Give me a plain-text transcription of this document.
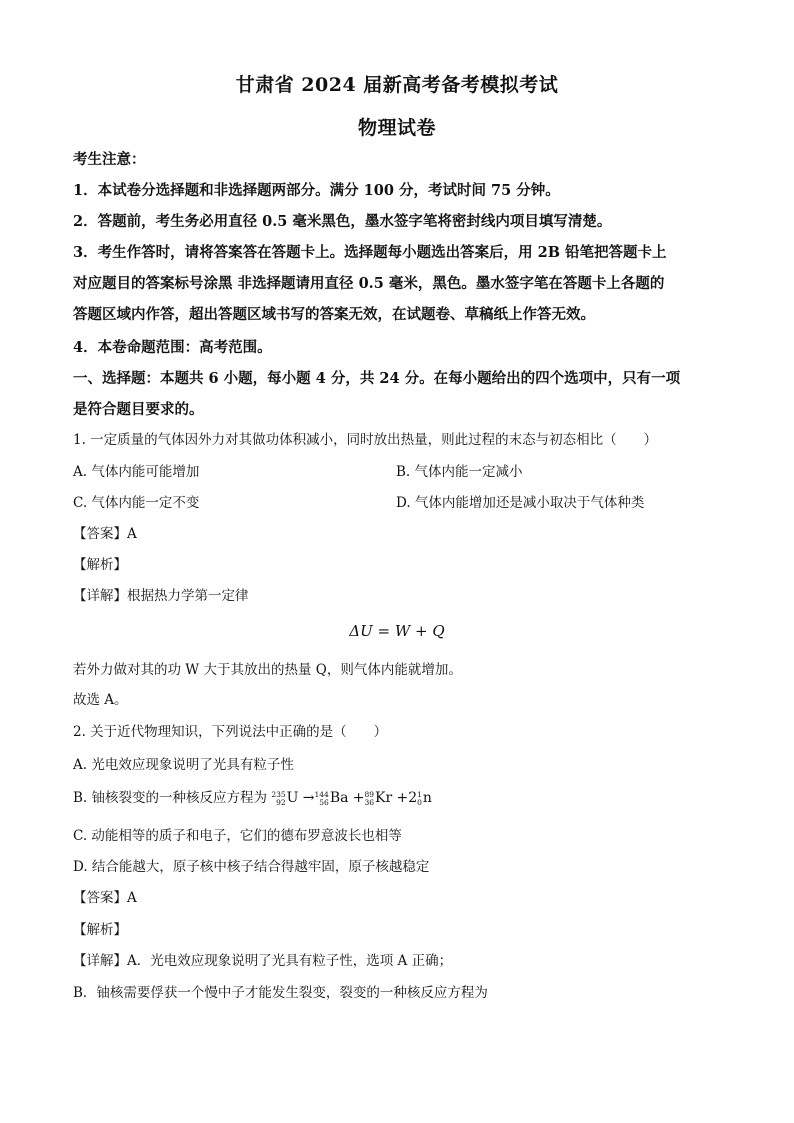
甘肃省 2024 届新高考备考模拟考试
物理试卷
考生注意：
1．本试卷分选择题和非选择题两部分。满分 100 分，考试时间 75 分钟。
2．答题前，考生务必用直径 0.5 毫米黑色，墨水签字笔将密封线内项目填写清楚。
3．考生作答时，请将答案答在答题卡上。选择题每小题选出答案后，用 2B 铅笔把答题卡上
对应题目的答案标号涂黑 非选择题请用直径 0.5 毫米，黑色。墨水签字笔在答题卡上各题的
答题区域内作答，超出答题区域书写的答案无效，在试题卷、草稿纸上作答无效。
4．本卷命题范围：高考范围。
一、选择题：本题共 6 小题，每小题 4 分，共 24 分。在每小题给出的四个选项中，只有一项
是符合题目要求的。
1. 一定质量的气体因外力对其做功体积减小，同时放出热量，则此过程的末态与初态相比（　　）
A. 气体内能可能增加	B. 气体内能一定减小
C. 气体内能一定不变	D. 气体内能增加还是减小取决于气体种类
【答案】A
【解析】
【详解】根据热力学第一定律
ΔU = W + Q
若外力做对其的功 W 大于其放出的热量 Q，则气体内能就增加。
故选 A。
2. 关于近代物理知识，下列说法中正确的是（　　）
A. 光电效应现象说明了光具有粒子性
B. 铀核裂变的一种核反应方程为 235
92 U → 144
56 Ba + 89
36 Kr +2 1
0 n
C. 动能相等的质子和电子，它们的德布罗意波长也相等
D. 结合能越大，原子核中核子结合得越牢固，原子核越稳定
【答案】A
【解析】
【详解】A．光电效应现象说明了光具有粒子性，选项 A 正确；
B．铀核需要俘获一个慢中子才能发生裂变，裂变的一种核反应方程为
